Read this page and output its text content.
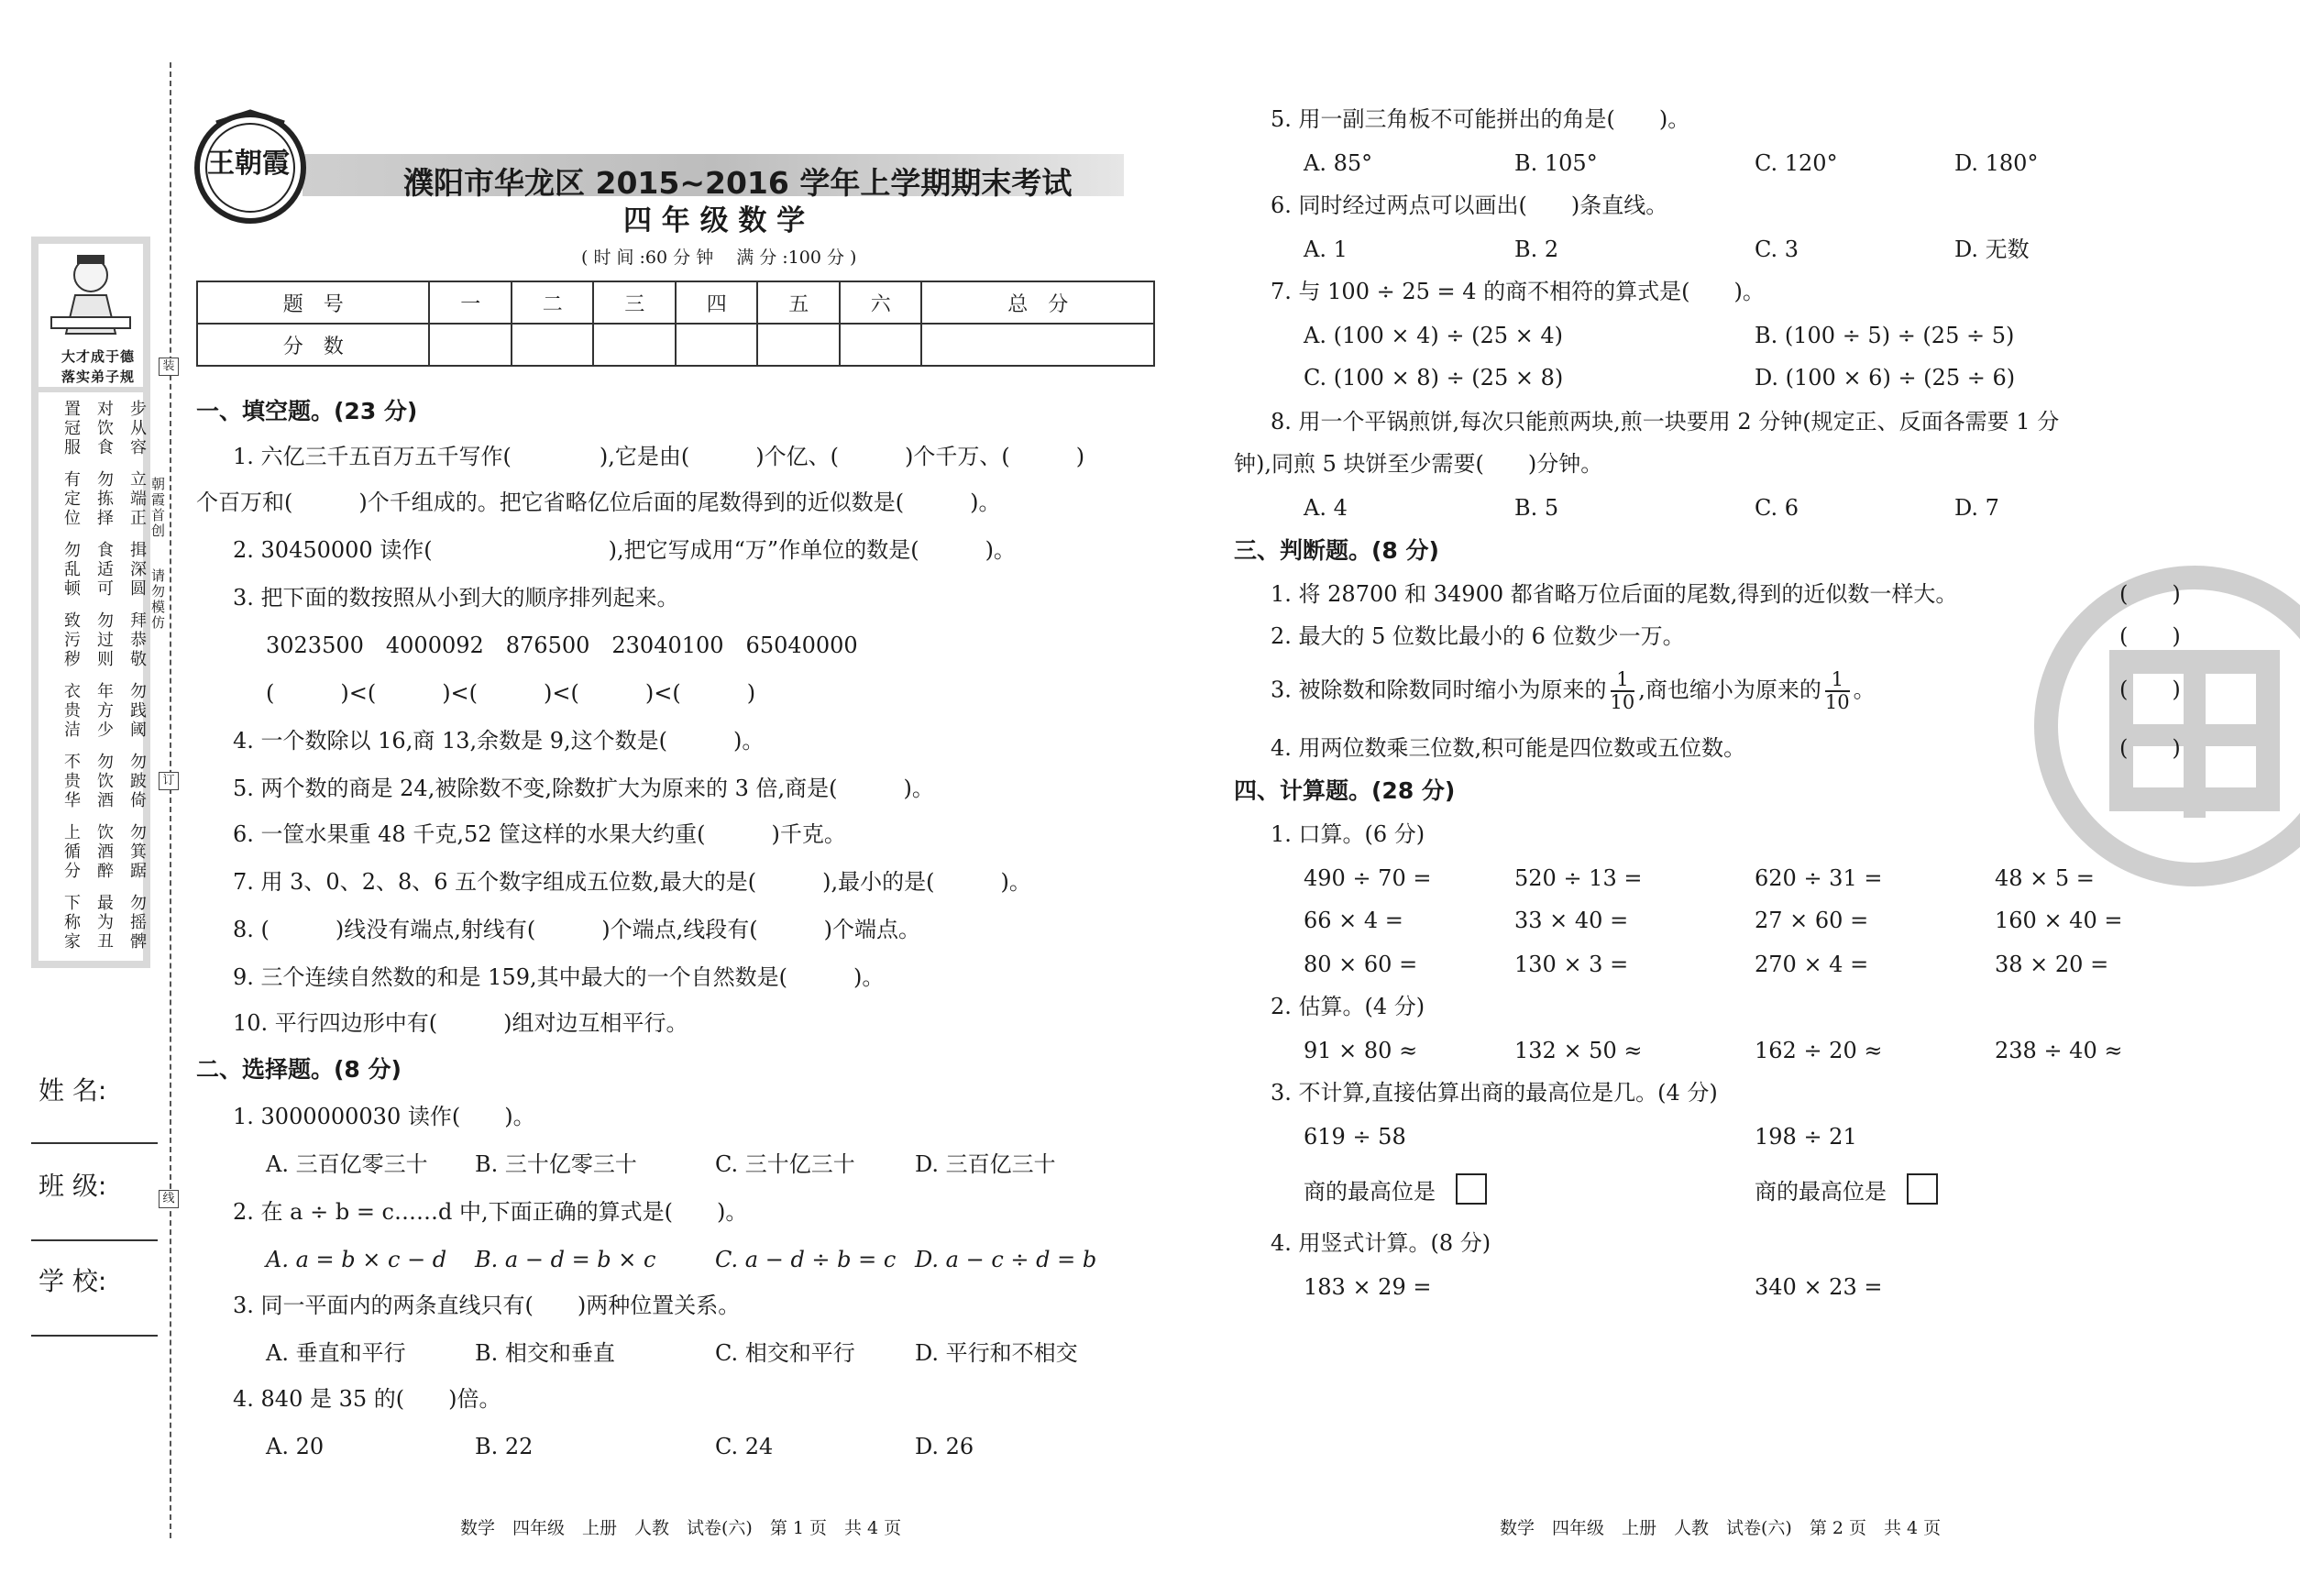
大才成于德
落实弟子规
步从容
对饮食
置冠服
立端正
勿拣择
有定位
揖深圆
食适可
勿乱顿
拜恭敬
勿过则
致污秽
勿践阈
年方少
衣贵洁
勿跛倚
勿饮酒
不贵华
勿箕踞
饮酒醉
上循分
勿摇髀
最为丑
下称家
姓 名:
班 级:
学 校:
装
订
线
朝霞首创
请勿模仿
王朝霞
濮阳市华龙区 2015~2016 学年上学期期末考试
四 年 级 数 学
( 时 间 :60 分 钟　 满 分 :100 分 )
题　号	一	二	三	四	五	六	总　分
分　数							
一、填空题。(23 分)
1. 六亿三千五百万五千写作(　　　　),它是由(　　　)个亿、(　　　)个千万、(　　　)
个百万和(　　　)个千组成的。把它省略亿位后面的尾数得到的近似数是(　　　)。
2. 30450000 读作(　　　　　　　　),把它写成用“万”作单位的数是(　　　)。
3. 把下面的数按照从小到大的顺序排列起来。
3023500　4000092　876500　23040100　65040000
(　　　)<(　　　)<(　　　)<(　　　)<(　　　)
4. 一个数除以 16,商 13,余数是 9,这个数是(　　　)。
5. 两个数的商是 24,被除数不变,除数扩大为原来的 3 倍,商是(　　　)。
6. 一筐水果重 48 千克,52 筐这样的水果大约重(　　　)千克。
7. 用 3、0、2、8、6 五个数字组成五位数,最大的是(　　　),最小的是(　　　)。
8. (　　　)线没有端点,射线有(　　　)个端点,线段有(　　　)个端点。
9. 三个连续自然数的和是 159,其中最大的一个自然数是(　　　)。
10. 平行四边形中有(　　　)组对边互相平行。
二、选择题。(8 分)
1. 3000000030 读作(　　)。
A. 三百亿零三十 B. 三十亿零三十	C. 三十亿三十	D. 三百亿三十
2. 在 a ÷ b = c……d 中,下面正确的算式是(　　)。
A. a = b × c − d B. a − d = b × c	C. a − d ÷ b = c D. a − c ÷ d = b
3. 同一平面内的两条直线只有(　　)两种位置关系。
A. 垂直和平行	B. 相交和垂直	C. 相交和平行	D. 平行和不相交
4. 840 是 35 的(　　)倍。
A. 20	B. 22	C. 24	D. 26
数学　四年级　上册　人教　试卷(六)　第 1 页　共 4 页
5. 用一副三角板不可能拼出的角是(　　)。
A. 85°	B. 105°	C. 120°	D. 180°
6. 同时经过两点可以画出(　　)条直线。
A. 1	B. 2	C. 3	D. 无数
7. 与 100 ÷ 25 = 4 的商不相符的算式是(　　)。
A. (100 × 4) ÷ (25 × 4)	B. (100 ÷ 5) ÷ (25 ÷ 5)
C. (100 × 8) ÷ (25 × 8)	D. (100 × 6) ÷ (25 ÷ 6)
8. 用一个平锅煎饼,每次只能煎两块,煎一块要用 2 分钟(规定正、反面各需要 1 分
钟),同煎 5 块饼至少需要(　　)分钟。
A. 4	B. 5	C. 6	D. 7
三、判断题。(8 分)
1. 将 28700 和 34900 都省略万位后面的尾数,得到的近似数一样大。	(　　)
2. 最大的 5 位数比最小的 6 位数少一万。	(　　)
3. 被除数和除数同时缩小为原来的 $\frac{1}{10}$ ,商也缩小为原来的 $\frac{1}{10}$ 。	(　　)
4. 用两位数乘三位数,积可能是四位数或五位数。	(　　)
四、计算题。(28 分)
1. 口算。(6 分)
490 ÷ 70 =	520 ÷ 13 =	620 ÷ 31 =	48 × 5 =
66 × 4 =	33 × 40 =	27 × 60 =	160 × 40 =
80 × 60 =	130 × 3 =	270 × 4 =	38 × 20 =
2. 估算。(4 分)
91 × 80 ≈	132 × 50 ≈	162 ÷ 20 ≈	238 ÷ 40 ≈
3. 不计算,直接估算出商的最高位是几。(4 分)
619 ÷ 58	198 ÷ 21
商的最高位是	商的最高位是
4. 用竖式计算。(8 分)
183 × 29 =	340 × 23 =
数学　四年级　上册　人教　试卷(六)　第 2 页　共 4 页
